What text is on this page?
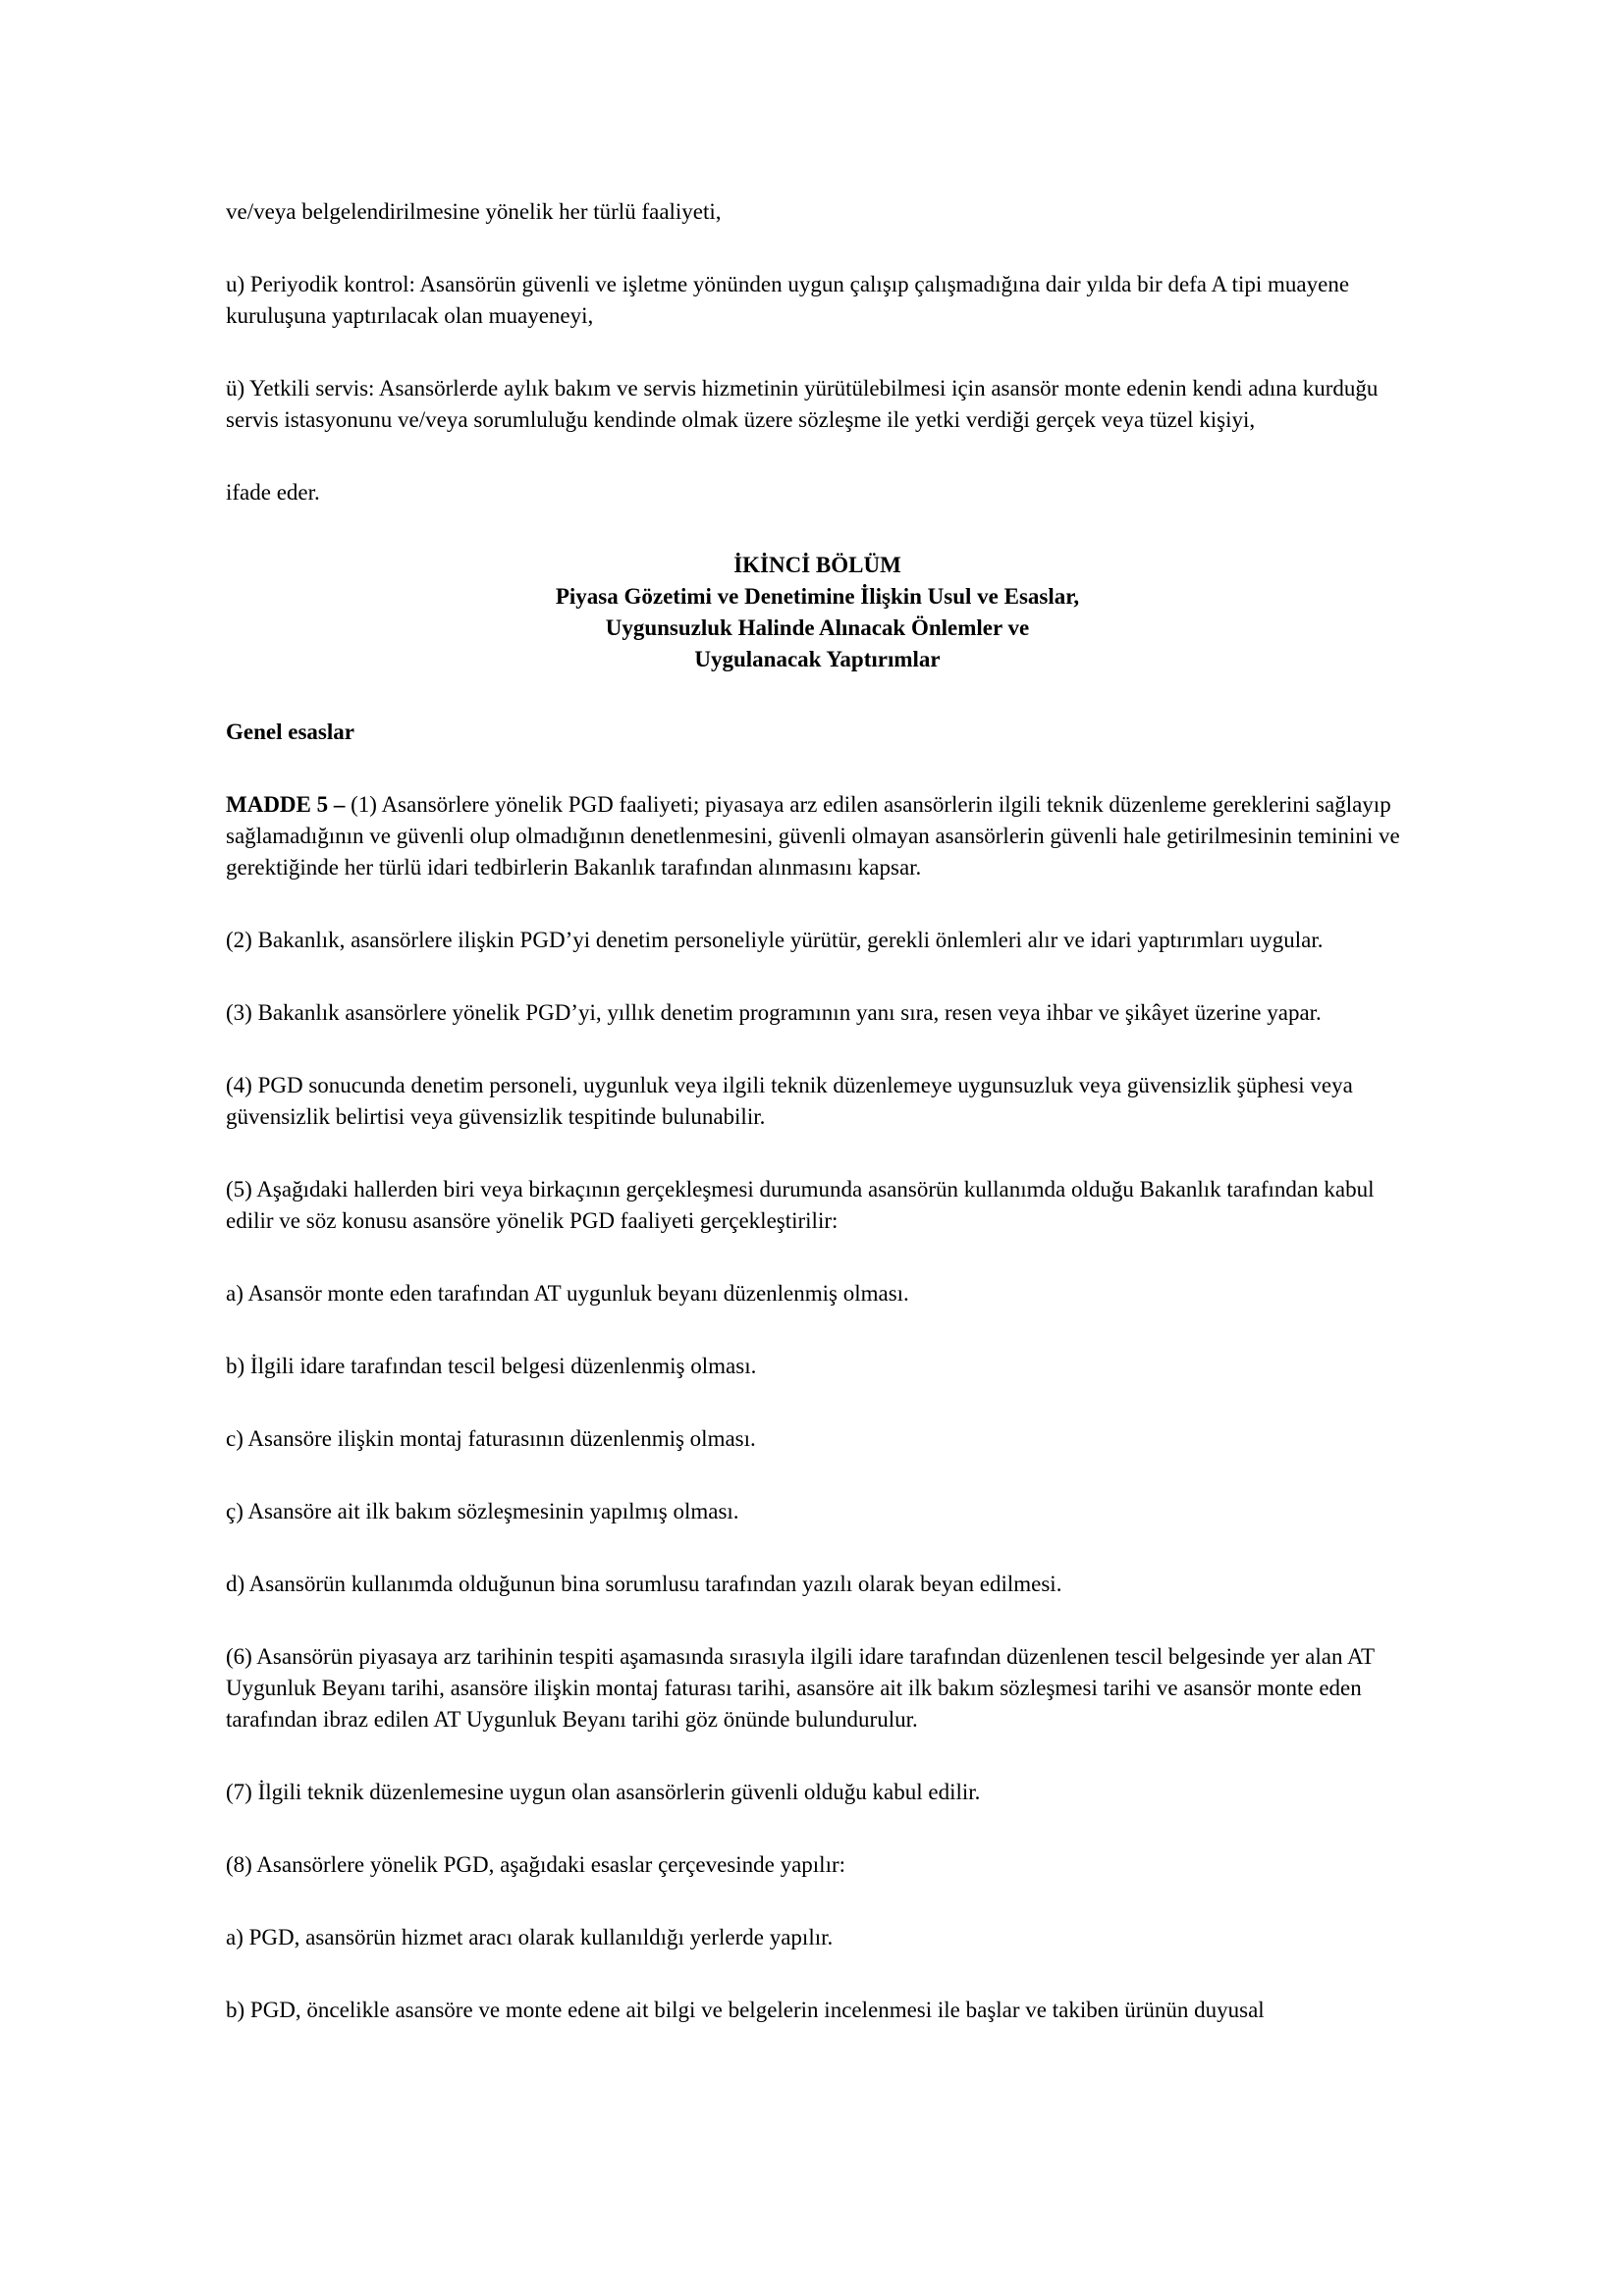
ve/veya belgelendirilmesine yönelik her türlü faaliyeti,

u) Periyodik kontrol: Asansörün güvenli ve işletme yönünden uygun çalışıp çalışmadığına dair yılda bir defa A tipi muayene kuruluşuna yaptırılacak olan muayeneyi,

ü) Yetkili servis: Asansörlerde aylık bakım ve servis hizmetinin yürütülebilmesi için asansör monte edenin kendi adına kurduğu servis istasyonunu ve/veya sorumluluğu kendinde olmak üzere sözleşme ile yetki verdiği gerçek veya tüzel kişiyi,

ifade eder.

İKİNCİ BÖLÜM
Piyasa Gözetimi ve Denetimine İlişkin Usul ve Esaslar,
Uygunsuzluk Halinde Alınacak Önlemler ve
Uygulanacak Yaptırımlar

Genel esaslar

MADDE 5 – (1) Asansörlere yönelik PGD faaliyeti; piyasaya arz edilen asansörlerin ilgili teknik düzenleme gereklerini sağlayıp sağlamadığının ve güvenli olup olmadığının denetlenmesini, güvenli olmayan asansörlerin güvenli hale getirilmesinin teminini ve gerektiğinde her türlü idari tedbirlerin Bakanlık tarafından alınmasını kapsar.

(2) Bakanlık, asansörlere ilişkin PGD’yi denetim personeliyle yürütür, gerekli önlemleri alır ve idari yaptırımları uygular.

(3) Bakanlık asansörlere yönelik PGD’yi, yıllık denetim programının yanı sıra, resen veya ihbar ve şikâyet üzerine yapar.

(4) PGD sonucunda denetim personeli, uygunluk veya ilgili teknik düzenlemeye uygunsuzluk veya güvensizlik şüphesi veya güvensizlik belirtisi veya güvensizlik tespitinde bulunabilir.

(5) Aşağıdaki hallerden biri veya birkaçının gerçekleşmesi durumunda asansörün kullanımda olduğu Bakanlık tarafından kabul edilir ve söz konusu asansöre yönelik PGD faaliyeti gerçekleştirilir:

a) Asansör monte eden tarafından AT uygunluk beyanı düzenlenmiş olması.

b) İlgili idare tarafından tescil belgesi düzenlenmiş olması.

c) Asansöre ilişkin montaj faturasının düzenlenmiş olması.

ç) Asansöre ait ilk bakım sözleşmesinin yapılmış olması.

d) Asansörün kullanımda olduğunun bina sorumlusu tarafından yazılı olarak beyan edilmesi.

(6) Asansörün piyasaya arz tarihinin tespiti aşamasında sırasıyla ilgili idare tarafından düzenlenen tescil belgesinde yer alan AT Uygunluk Beyanı tarihi, asansöre ilişkin montaj faturası tarihi, asansöre ait ilk bakım sözleşmesi tarihi ve asansör monte eden tarafından ibraz edilen AT Uygunluk Beyanı tarihi göz önünde bulundurulur.

(7) İlgili teknik düzenlemesine uygun olan asansörlerin güvenli olduğu kabul edilir.

(8) Asansörlere yönelik PGD, aşağıdaki esaslar çerçevesinde yapılır:

a) PGD, asansörün hizmet aracı olarak kullanıldığı yerlerde yapılır.

b) PGD, öncelikle asansöre ve monte edene ait bilgi ve belgelerin incelenmesi ile başlar ve takiben ürünün duyusal
